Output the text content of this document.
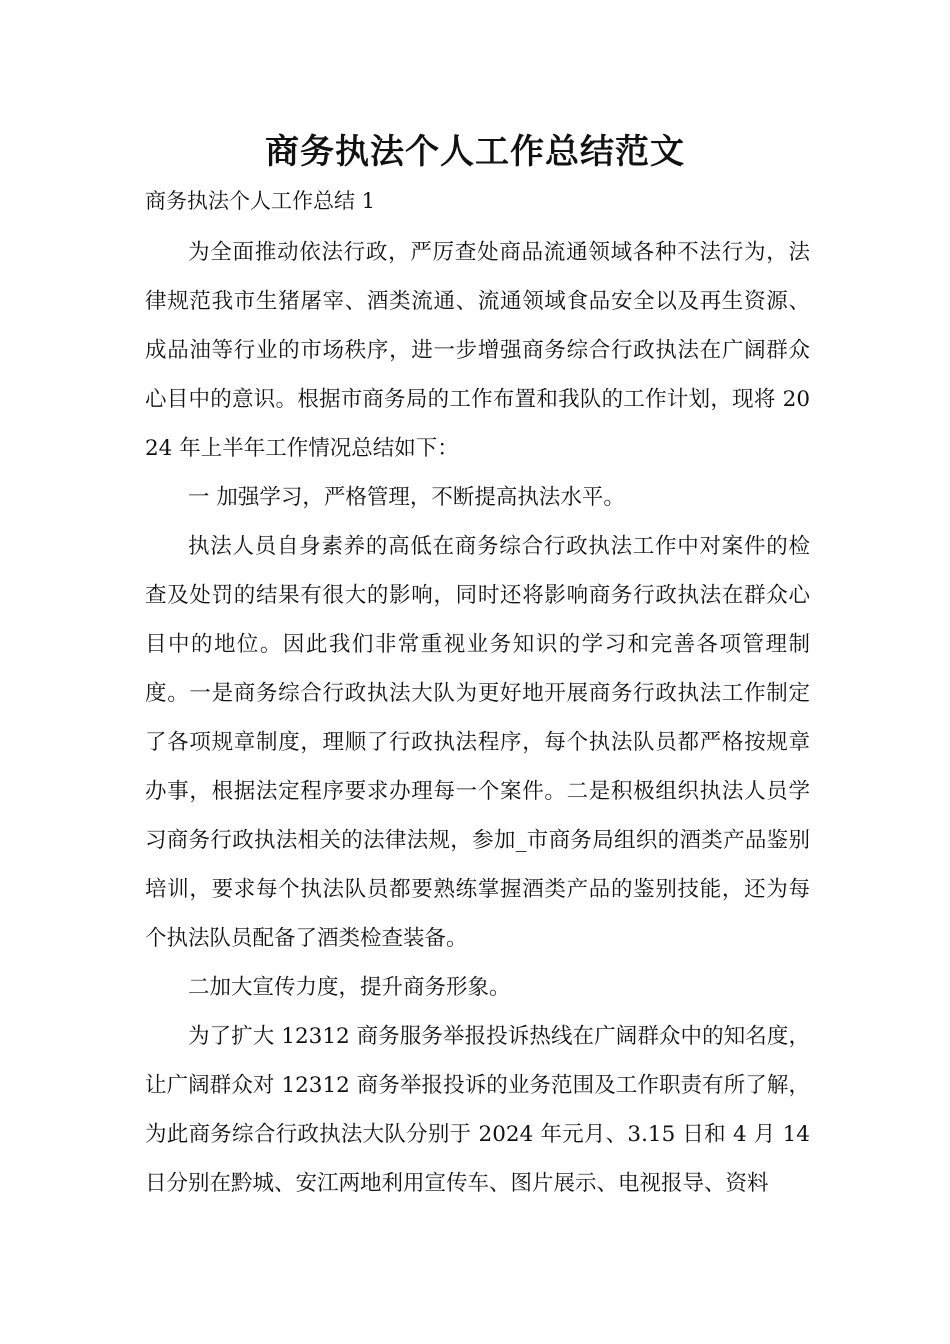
商务执法个人工作总结范文
商务执法个人工作总结 1

为全面推动依法行政，严厉查处商品流通领域各种不法行为，法律规范我市生猪屠宰、酒类流通、流通领域食品安全以及再生资源、成品油等行业的市场秩序，进一步增强商务综合行政执法在广阔群众心目中的意识。根据市商务局的工作布置和我队的工作计划，现将 2024 年上半年工作情况总结如下：

一 加强学习，严格管理，不断提高执法水平。

执法人员自身素养的高低在商务综合行政执法工作中对案件的检查及处罚的结果有很大的影响，同时还将影响商务行政执法在群众心目中的地位。因此我们非常重视业务知识的学习和完善各项管理制度。一是商务综合行政执法大队为更好地开展商务行政执法工作制定了各项规章制度，理顺了行政执法程序，每个执法队员都严格按规章办事，根据法定程序要求办理每一个案件。二是积极组织执法人员学习商务行政执法相关的法律法规，参加_市商务局组织的酒类产品鉴别培训，要求每个执法队员都要熟练掌握酒类产品的鉴别技能，还为每个执法队员配备了酒类检查装备。

二加大宣传力度，提升商务形象。

为了扩大 12312 商务服务举报投诉热线在广阔群众中的知名度，让广阔群众对 12312 商务举报投诉的业务范围及工作职责有所了解，为此商务综合行政执法大队分别于 2024 年元月、3.15 日和 4 月 14 日分别在黔城、安江两地利用宣传车、图片展示、电视报导、资料
